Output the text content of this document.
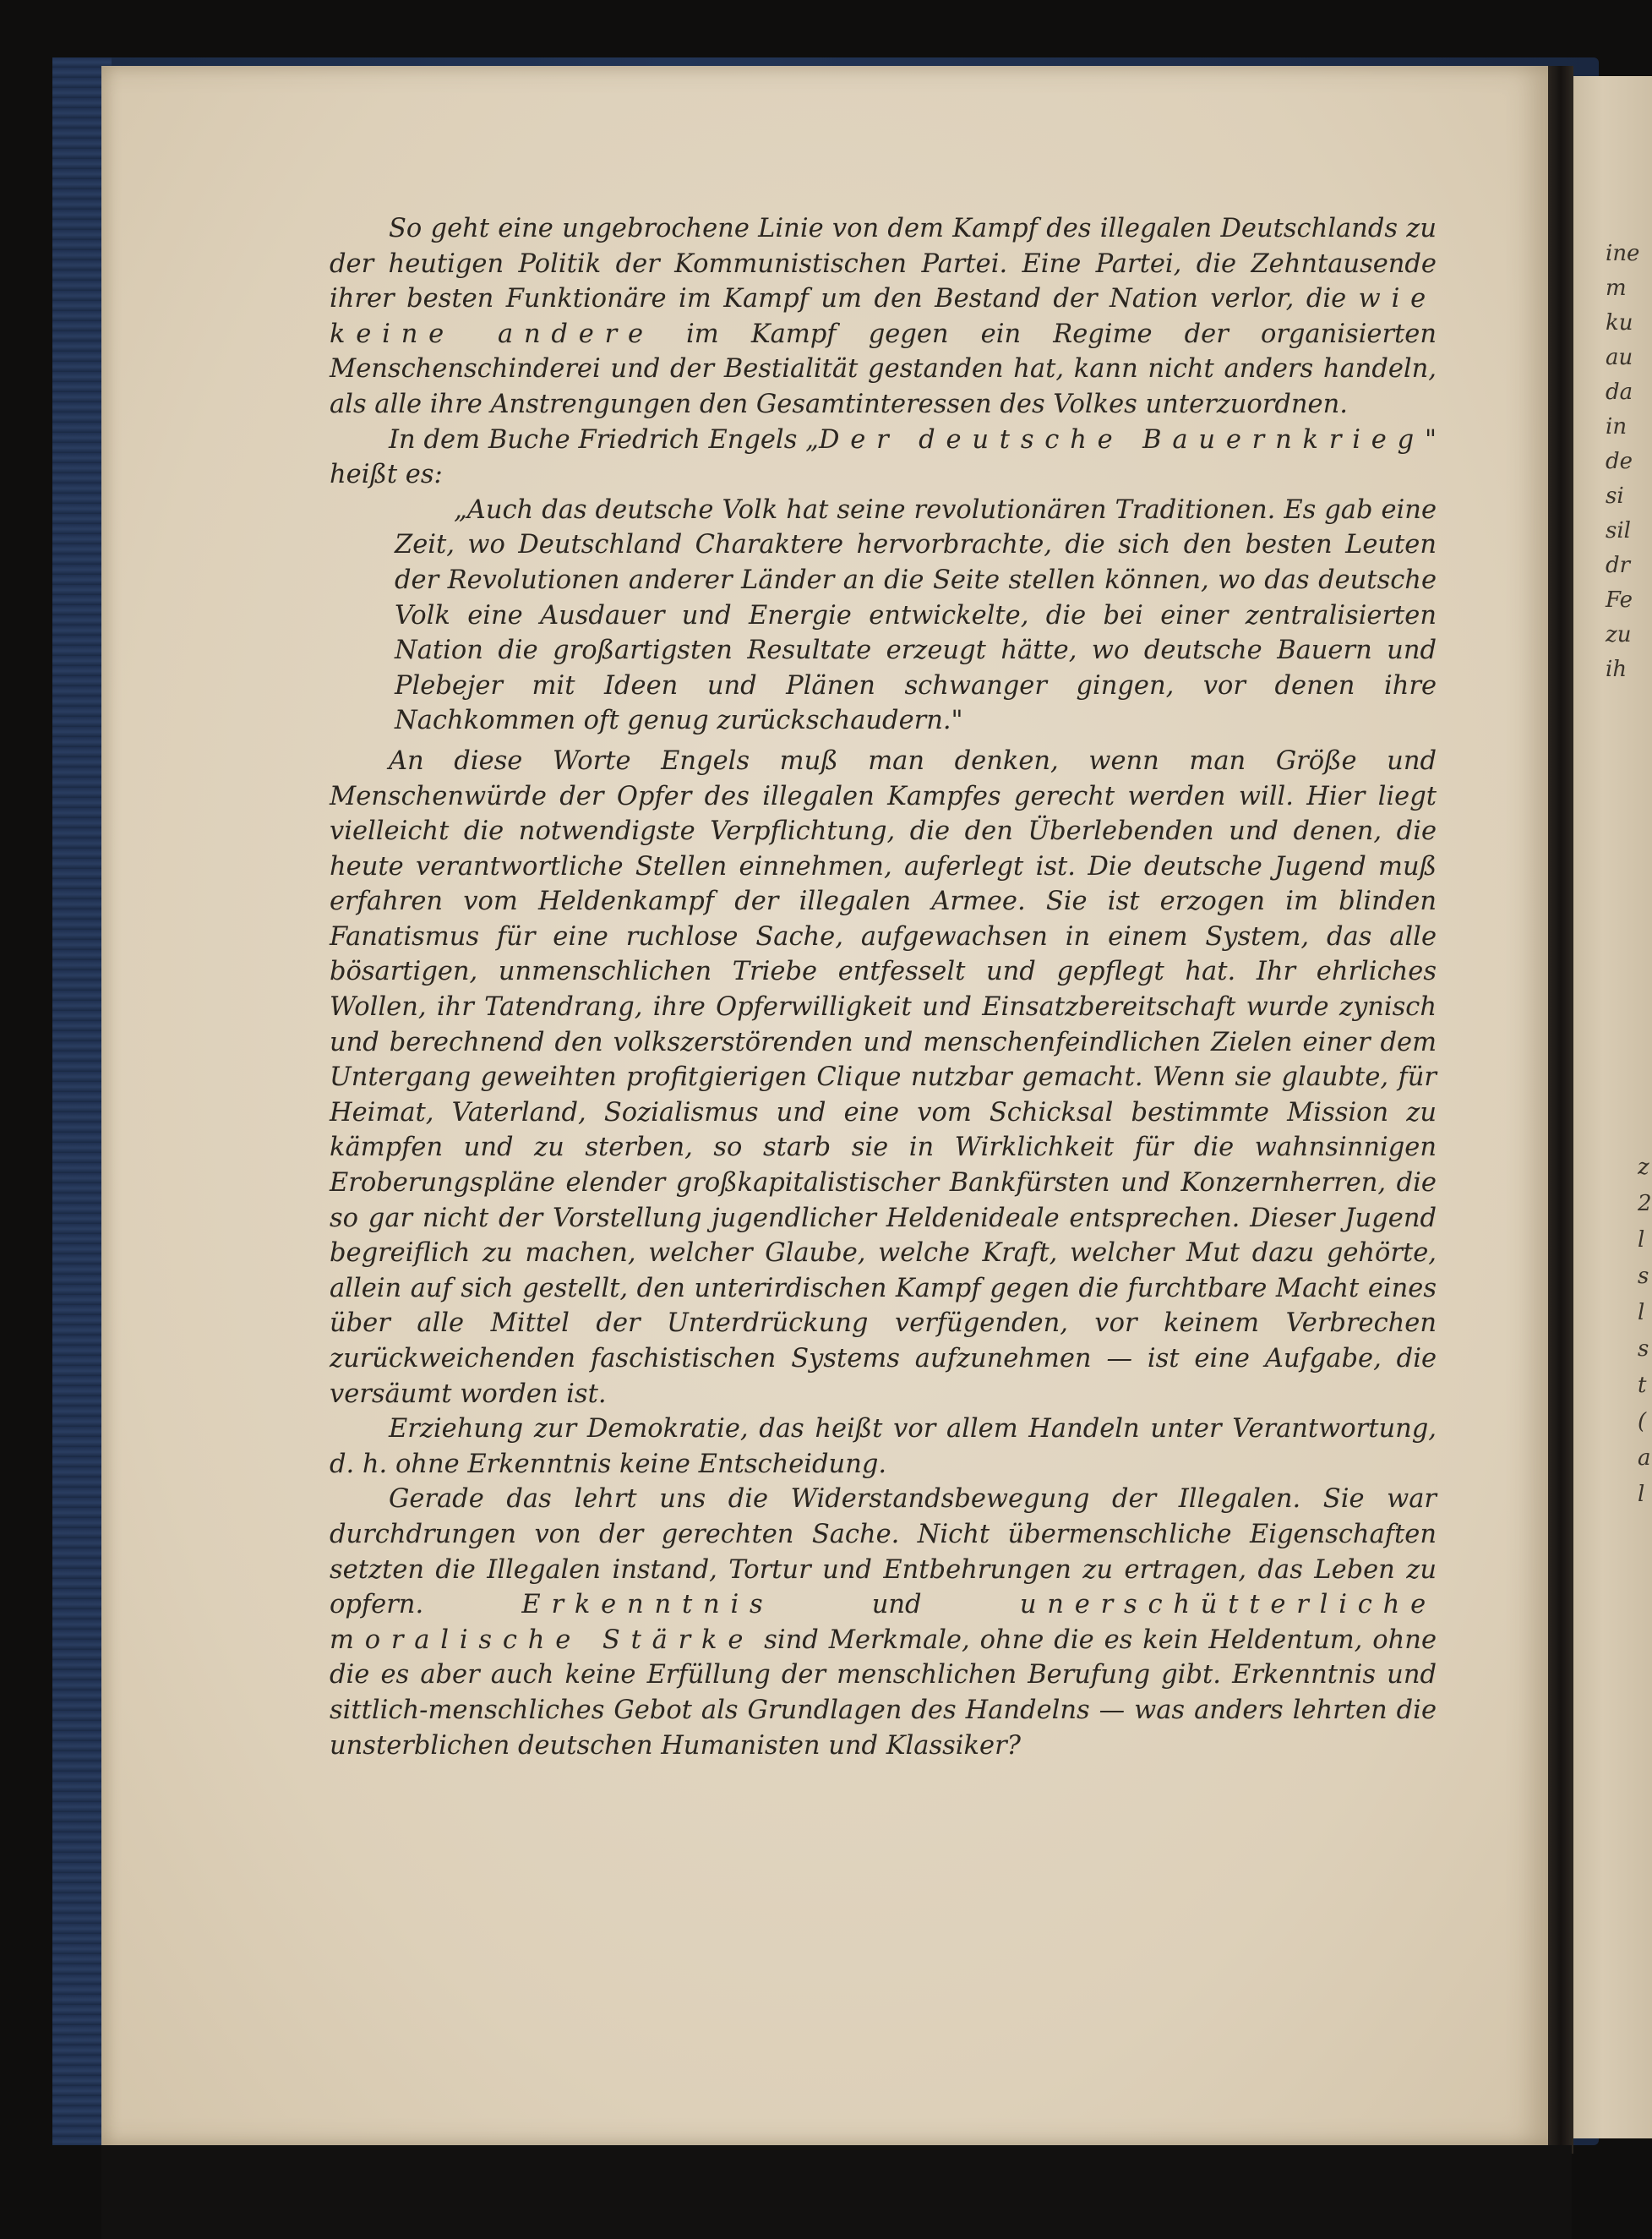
So geht eine ungebrochene Linie von dem Kampf des illegalen Deutschlands zu der heutigen Politik der Kommunistischen Partei. Eine Partei, die Zehntausende ihrer besten Funktionäre im Kampf um den Bestand der Nation verlor, die wie keine andere im Kampf gegen ein Regime der organisierten Menschenschinderei und der Bestialität gestanden hat, kann nicht anders handeln, als alle ihre Anstrengungen den Gesamtinteressen des Volkes unterzuordnen.

In dem Buche Friedrich Engels „Der deutsche Bauernkrieg" heißt es:

„Auch das deutsche Volk hat seine revolutionären Traditionen. Es gab eine Zeit, wo Deutschland Charaktere hervorbrachte, die sich den besten Leuten der Revolutionen anderer Länder an die Seite stellen können, wo das deutsche Volk eine Ausdauer und Energie entwickelte, die bei einer zentralisierten Nation die großartigsten Resultate erzeugt hätte, wo deutsche Bauern und Plebejer mit Ideen und Plänen schwanger gingen, vor denen ihre Nachkommen oft genug zurückschaudern."

An diese Worte Engels muß man denken, wenn man Größe und Menschenwürde der Opfer des illegalen Kampfes gerecht werden will. Hier liegt vielleicht die notwendigste Verpflichtung, die den Überlebenden und denen, die heute verantwortliche Stellen einnehmen, auferlegt ist. Die deutsche Jugend muß erfahren vom Heldenkampf der illegalen Armee. Sie ist erzogen im blinden Fanatismus für eine ruchlose Sache, aufgewachsen in einem System, das alle bösartigen, unmenschlichen Triebe entfesselt und gepflegt hat. Ihr ehrliches Wollen, ihr Tatendrang, ihre Opferwilligkeit und Einsatzbereitschaft wurde zynisch und berechnend den volkszerstörenden und menschenfeindlichen Zielen einer dem Untergang geweihten profitgierigen Clique nutzbar gemacht. Wenn sie glaubte, für Heimat, Vaterland, Sozialismus und eine vom Schicksal bestimmte Mission zu kämpfen und zu sterben, so starb sie in Wirklichkeit für die wahnsinnigen Eroberungspläne elender großkapitalistischer Bankfürsten und Konzernherren, die so gar nicht der Vorstellung jugendlicher Heldenideale entsprechen. Dieser Jugend begreiflich zu machen, welcher Glaube, welche Kraft, welcher Mut dazu gehörte, allein auf sich gestellt, den unterirdischen Kampf gegen die furchtbare Macht eines über alle Mittel der Unterdrückung verfügenden, vor keinem Verbrechen zurückweichenden faschistischen Systems aufzunehmen — ist eine Aufgabe, die versäumt worden ist.

Erziehung zur Demokratie, das heißt vor allem Handeln unter Verantwortung, d. h. ohne Erkenntnis keine Entscheidung.

Gerade das lehrt uns die Widerstandsbewegung der Illegalen. Sie war durchdrungen von der gerechten Sache. Nicht übermenschliche Eigenschaften setzten die Illegalen instand, Tortur und Entbehrungen zu ertragen, das Leben zu opfern.	Erkenntnis	und	unerschütterliche moralische Stärke sind Merkmale, ohne die es kein Heldentum, ohne die es aber auch keine Erfüllung der menschlichen Berufung gibt. Erkenntnis und sittlich-menschliches Gebot als Grundlagen des Handelns — was anders lehrten die unsterblichen deutschen Humanisten und Klassiker?

ine
m
ku
au
da
in
de
si
sil
dr
Fe
zu
ih
z
2
l
s
l
s
t
(
a
l
